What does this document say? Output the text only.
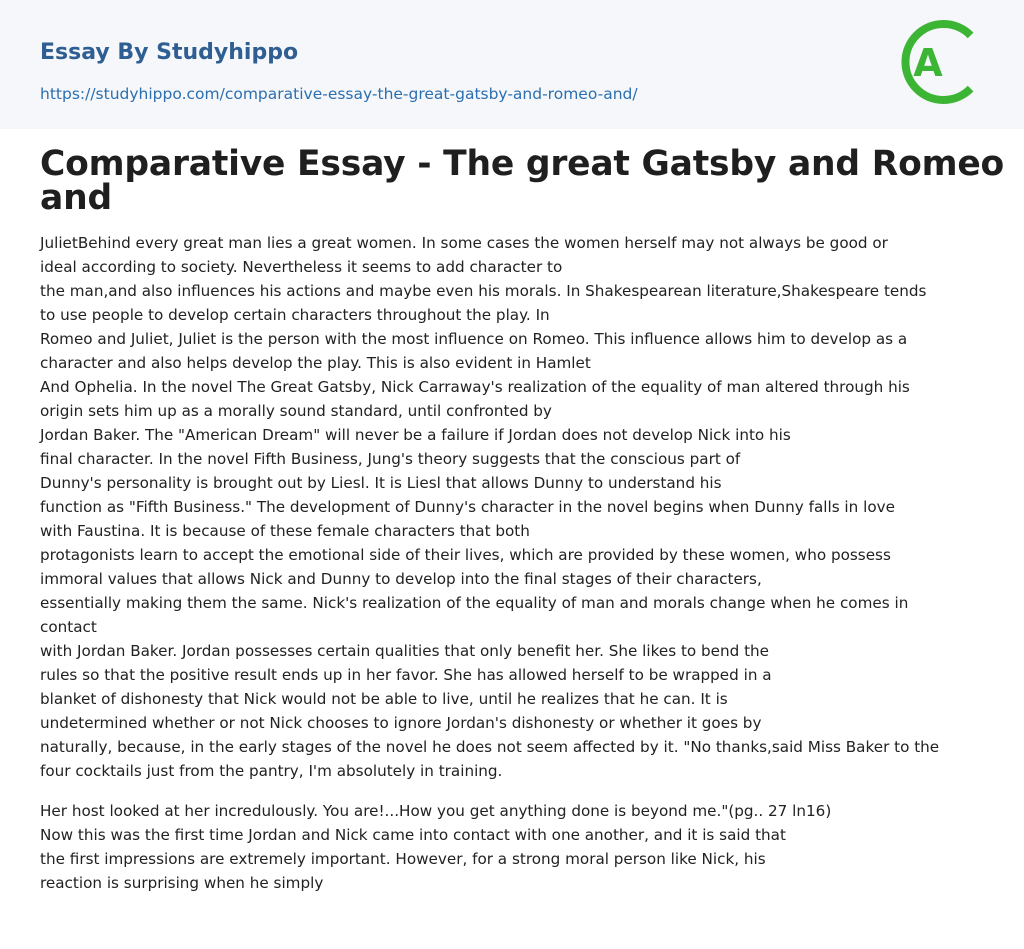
Essay By Studyhippo
https://studyhippo.com/comparative-essay-the-great-gatsby-and-romeo-and/
A
Comparative Essay - The great Gatsby and Romeo
and

JulietBehind every great man lies a great women. In some cases the women herself may not always be good or
ideal according to society. Nevertheless it seems to add character to
the man,and also influences his actions and maybe even his morals. In Shakespearean literature,Shakespeare tends
to use people to develop certain characters throughout the play. In
Romeo and Juliet, Juliet is the person with the most influence on Romeo. This influence allows him to develop as a
character and also helps develop the play. This is also evident in Hamlet
And Ophelia. In the novel The Great Gatsby, Nick Carraway's realization of the equality of man altered through his
origin sets him up as a morally sound standard, until confronted by
Jordan Baker. The "American Dream" will never be a failure if Jordan does not develop Nick into his
final character. In the novel Fifth Business, Jung's theory suggests that the conscious part of
Dunny's personality is brought out by Liesl. It is Liesl that allows Dunny to understand his
function as "Fifth Business." The development of Dunny's character in the novel begins when Dunny falls in love
with Faustina. It is because of these female characters that both
protagonists learn to accept the emotional side of their lives, which are provided by these women, who possess
immoral values that allows Nick and Dunny to develop into the final stages of their characters,
essentially making them the same. Nick's realization of the equality of man and morals change when he comes in
contact
with Jordan Baker. Jordan possesses certain qualities that only benefit her. She likes to bend the
rules so that the positive result ends up in her favor. She has allowed herself to be wrapped in a
blanket of dishonesty that Nick would not be able to live, until he realizes that he can. It is
undetermined whether or not Nick chooses to ignore Jordan's dishonesty or whether it goes by
naturally, because, in the early stages of the novel he does not seem affected by it. "No thanks,said Miss Baker to the
four cocktails just from the pantry, I'm absolutely in training.

Her host looked at her incredulously. You are!...How you get anything done is beyond me."(pg.. 27 ln16)
Now this was the first time Jordan and Nick came into contact with one another, and it is said that
the first impressions are extremely important. However, for a strong moral person like Nick, his
reaction is surprising when he simply
